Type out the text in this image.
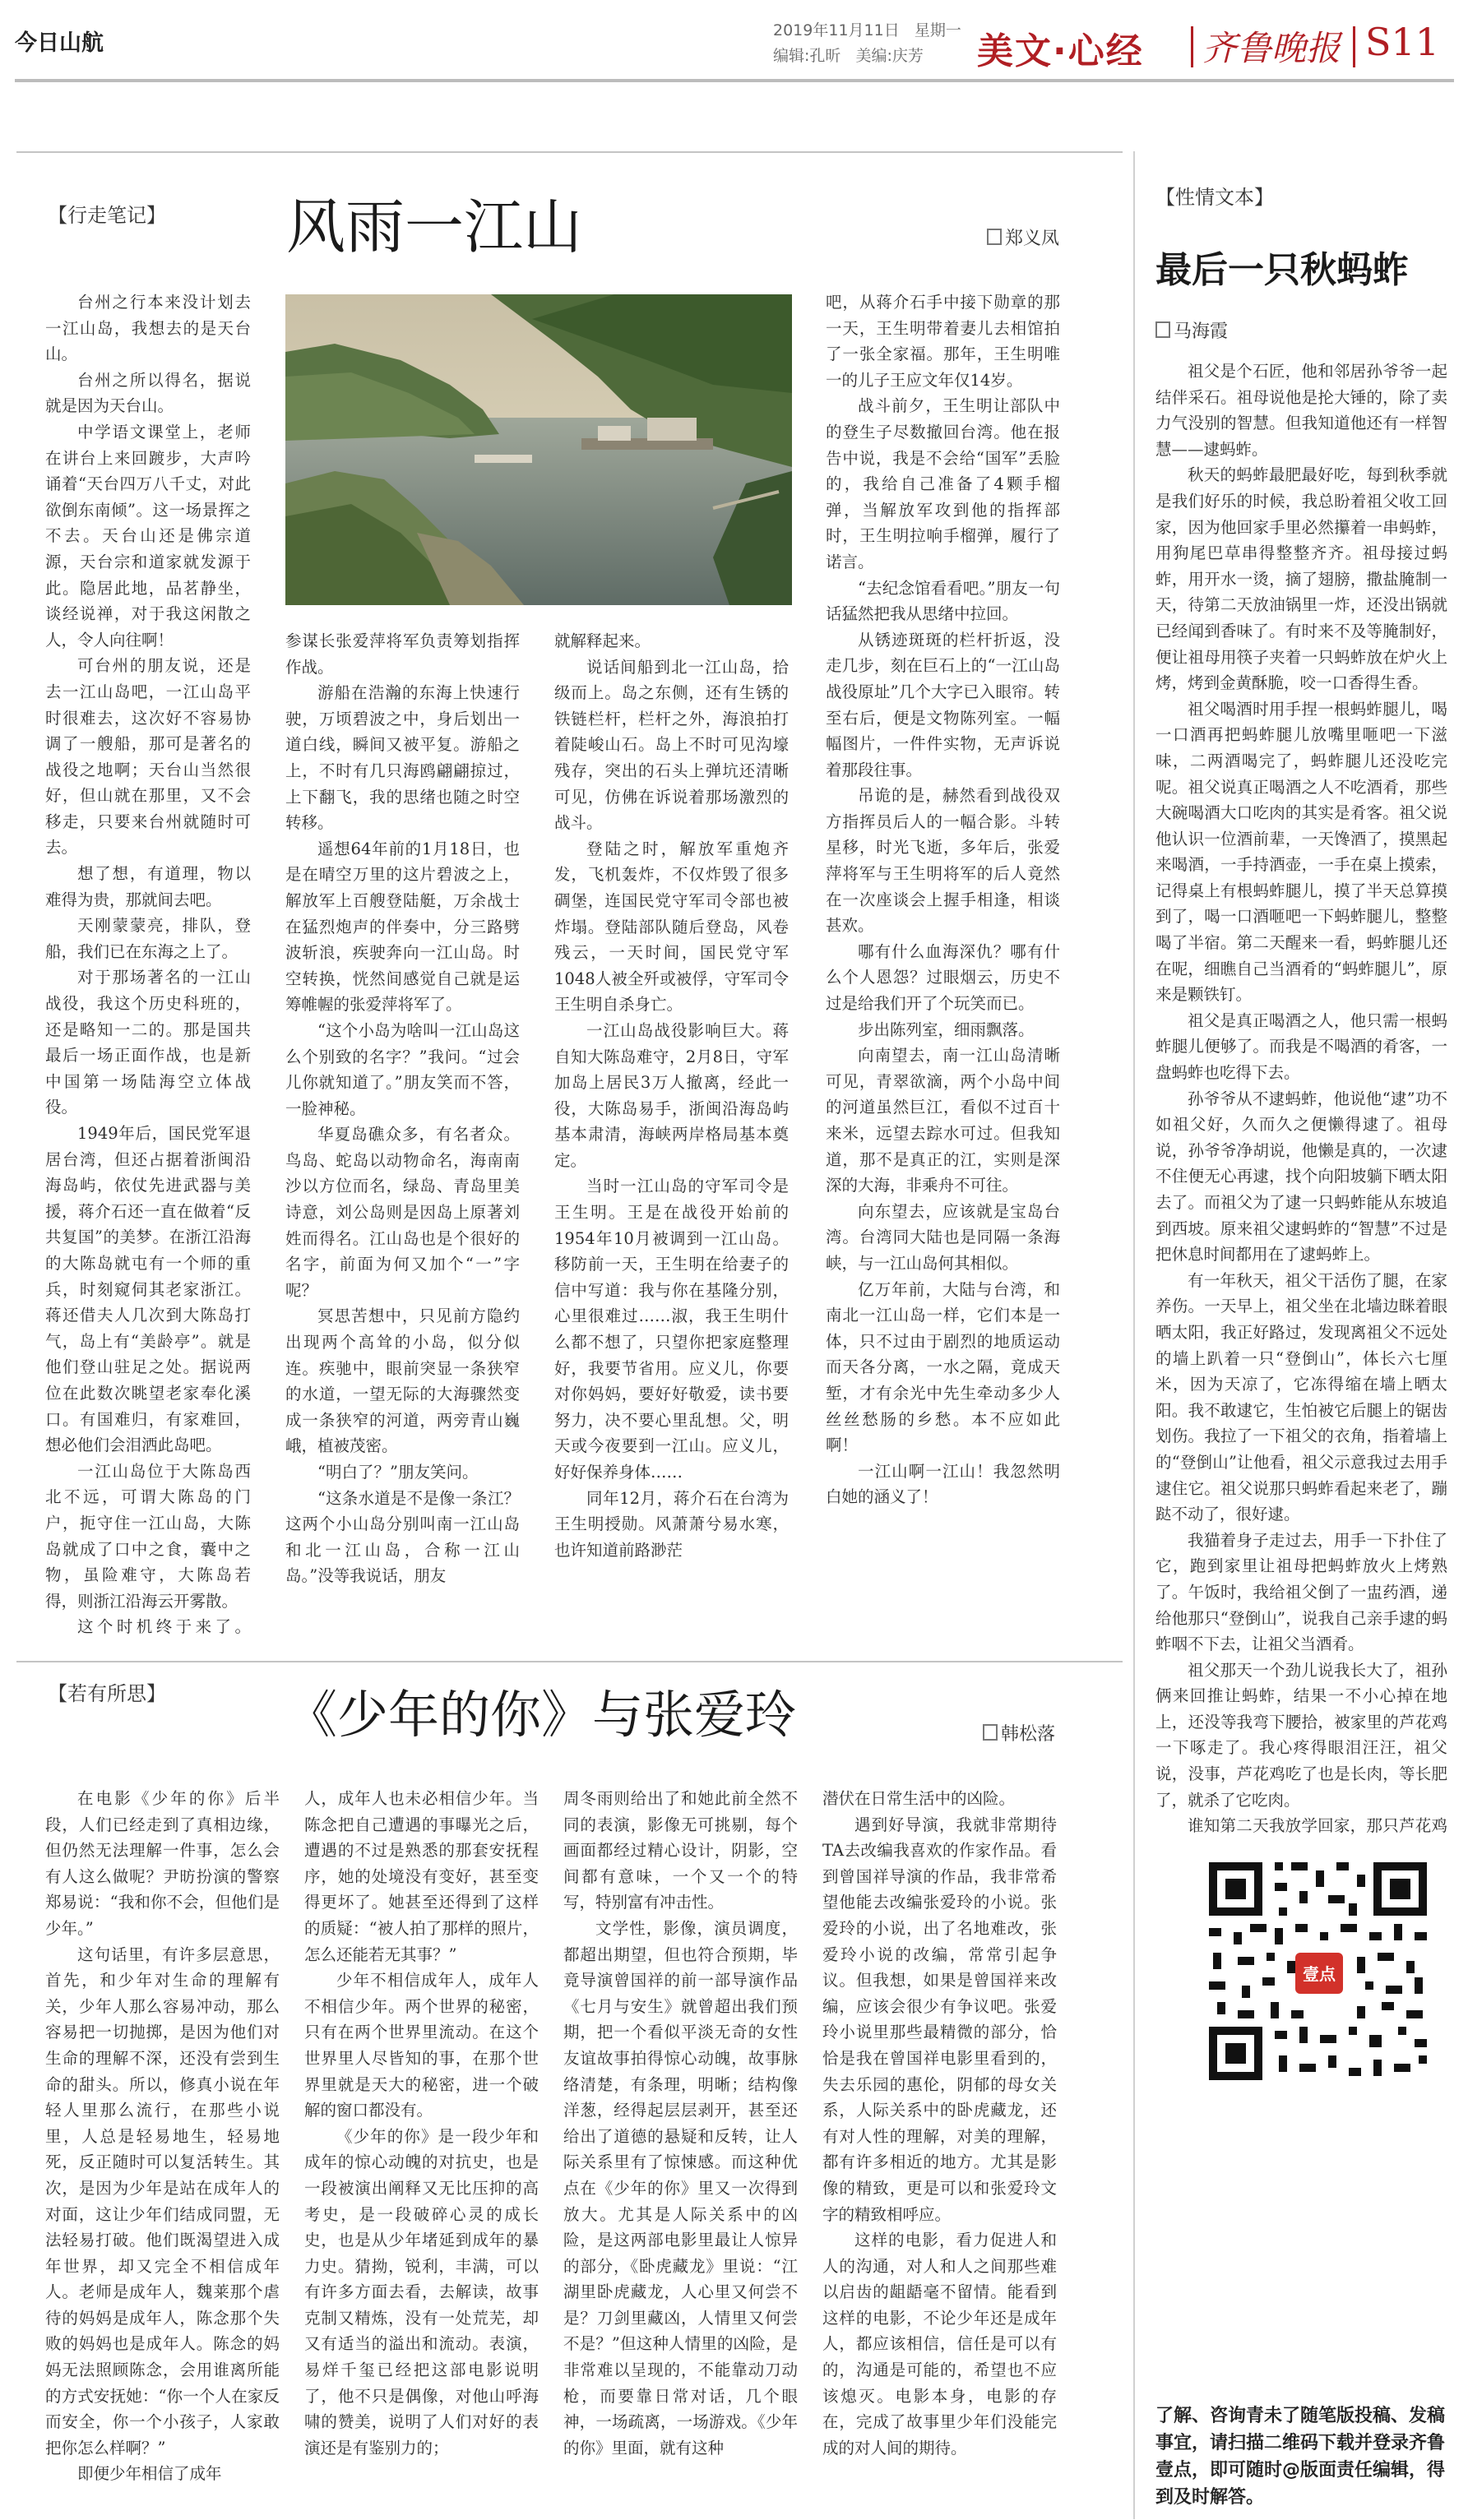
今日山航	2019年11月11日 星期一
编辑:孔昕 美编:庆芳	美文·心经 齐鲁晚报 S11
【行走笔记】 风雨一江山	郑义凤

台州之行本来没计划去一江山岛，我想去的是天台山。

台州之所以得名，据说就是因为天台山。

中学语文课堂上，老师在讲台上来回踱步，大声吟诵着“天台四万八千丈，对此欲倒东南倾”。这一场景挥之不去。天台山还是佛宗道源，天台宗和道家就发源于此。隐居此地，品茗静坐，谈经说禅，对于我这闲散之人，令人向往啊！

可台州的朋友说，还是去一江山岛吧，一江山岛平时很难去，这次好不容易协调了一艘船，那可是著名的战役之地啊；天台山当然很好，但山就在那里，又不会移走，只要来台州就随时可去。

想了想，有道理，物以难得为贵，那就间去吧。

天刚蒙蒙亮，排队，登船，我们已在东海之上了。

对于那场著名的一江山战役，我这个历史科班的，还是略知一二的。那是国共最后一场正面作战，也是新中国第一场陆海空立体战役。

1949年后，国民党军退居台湾，但还占据着浙闽沿海岛屿，依仗先进武器与美援，蒋介石还一直在做着“反共复国”的美梦。在浙江沿海的大陈岛就屯有一个师的重兵，时刻窥伺其老家浙江。蒋还借夫人几次到大陈岛打气，岛上有“美龄亭”。就是他们登山驻足之处。据说两位在此数次眺望老家奉化溪口。有国难归，有家难回，想必他们会泪洒此岛吧。

一江山岛位于大陈岛西北不远，可谓大陈岛的门户，扼守住一江山岛，大陈岛就成了口中之食，囊中之物，虽险难守，大陈岛若得，则浙江沿海云开雾散。

这个时机终于来了。

参谋长张爱萍将军负责筹划指挥作战。

游船在浩瀚的东海上快速行驶，万顷碧波之中，身后划出一道白线，瞬间又被平复。游船之上，不时有几只海鸥翩翩掠过，上下翻飞，我的思绪也随之时空转移。

遥想64年前的1月18日，也是在晴空万里的这片碧波之上，解放军上百艘登陆艇，万余战士在猛烈炮声的伴奏中，分三路劈波斩浪，疾驶奔向一江山岛。时空转换，恍然间感觉自己就是运筹帷幄的张爱萍将军了。

“这个小岛为啥叫一江山岛这么个别致的名字？”我问。“过会儿你就知道了。”朋友笑而不答，一脸神秘。

华夏岛礁众多，有名者众。鸟岛、蛇岛以动物命名，海南南沙以方位而名，绿岛、青岛里美诗意，刘公岛则是因岛上原著刘姓而得名。江山岛也是个很好的名字，前面为何又加个“一”字呢？

冥思苦想中，只见前方隐约出现两个高耸的小岛，似分似连。疾驰中，眼前突显一条狭窄的水道，一望无际的大海骤然变成一条狭窄的河道，两旁青山巍峨，植被茂密。

“明白了？”朋友笑问。

“这条水道是不是像一条江？这两个小山岛分别叫南一江山岛和北一江山岛，合称一江山岛。”没等我说话，朋友

就解释起来。

说话间船到北一江山岛，拾级而上。岛之东侧，还有生锈的铁链栏杆，栏杆之外，海浪拍打着陡峻山石。岛上不时可见沟壕残存，突出的石头上弹坑还清晰可见，仿佛在诉说着那场激烈的战斗。

登陆之时，解放军重炮齐发，飞机轰炸，不仅炸毁了很多碉堡，连国民党守军司令部也被炸塌。登陆部队随后登岛，风卷残云，一天时间，国民党守军1048人被全歼或被俘，守军司令王生明自杀身亡。

一江山岛战役影响巨大。蒋自知大陈岛难守，2月8日，守军加岛上居民3万人撤离，经此一役，大陈岛易手，浙闽沿海岛屿基本肃清，海峡两岸格局基本奠定。

当时一江山岛的守军司令是王生明。王是在战役开始前的1954年10月被调到一江山岛。移防前一天，王生明在给妻子的信中写道：我与你在基隆分别，心里很难过……淑，我王生明什么都不想了，只望你把家庭整理好，我要节省用。应义儿，你要对你妈妈，要好好敬爱，读书要努力，决不要心里乱想。父，明天或今夜要到一江山。应义儿，好好保养身体……

同年12月，蒋介石在台湾为王生明授勋。风萧萧兮易水寒，也许知道前路渺茫

吧，从蒋介石手中接下勋章的那一天，王生明带着妻儿去相馆拍了一张全家福。那年，王生明唯一的儿子王应文年仅14岁。

战斗前夕，王生明让部队中的登生子尽数撤回台湾。他在报告中说，我是不会给“国军”丢脸的，我给自己准备了4颗手榴弹，当解放军攻到他的指挥部时，王生明拉响手榴弹，履行了诺言。

“去纪念馆看看吧。”朋友一句话猛然把我从思绪中拉回。

从锈迹斑斑的栏杆折返，没走几步，刻在巨石上的“一江山岛战役原址”几个大字已入眼帘。转至右后，便是文物陈列室。一幅幅图片，一件件实物，无声诉说着那段往事。

吊诡的是，赫然看到战役双方指挥员后人的一幅合影。斗转星移，时光飞逝，多年后，张爱萍将军与王生明将军的后人竟然在一次座谈会上握手相逢，相谈甚欢。

哪有什么血海深仇？哪有什么个人恩怨？过眼烟云，历史不过是给我们开了个玩笑而已。

步出陈列室，细雨飘落。

向南望去，南一江山岛清晰可见，青翠欲滴，两个小岛中间的河道虽然巨江，看似不过百十来米，远望去踪水可过。但我知道，那不是真正的江，实则是深深的大海，非乘舟不可往。

向东望去，应该就是宝岛台湾。台湾同大陆也是同隔一条海峡，与一江山岛何其相似。

亿万年前，大陆与台湾，和南北一江山岛一样，它们本是一体，只不过由于剧烈的地质运动而天各分离，一水之隔，竟成天堑，才有余光中先生牵动多少人丝丝愁肠的乡愁。本不应如此啊！

一江山啊一江山！我忽然明白她的涵义了！

【性情文本】
最后一只秋蚂蚱
马海霞

祖父是个石匠，他和邻居孙爷爷一起结伴采石。祖母说他是抡大锤的，除了卖力气没别的智慧。但我知道他还有一样智慧——逮蚂蚱。

秋天的蚂蚱最肥最好吃，每到秋季就是我们好乐的时候，我总盼着祖父收工回家，因为他回家手里必然攥着一串蚂蚱，用狗尾巴草串得整整齐齐。祖母接过蚂蚱，用开水一烫，摘了翅膀，撒盐腌制一天，待第二天放油锅里一炸，还没出锅就已经闻到香味了。有时来不及等腌制好，便让祖母用筷子夹着一只蚂蚱放在炉火上烤，烤到金黄酥脆，咬一口香得生香。

祖父喝酒时用手捏一根蚂蚱腿儿，喝一口酒再把蚂蚱腿儿放嘴里咂吧一下滋味，二两酒喝完了，蚂蚱腿儿还没吃完呢。祖父说真正喝酒之人不吃酒肴，那些大碗喝酒大口吃肉的其实是肴客。祖父说他认识一位酒前辈，一天馋酒了，摸黑起来喝酒，一手持酒壶，一手在桌上摸索，记得桌上有根蚂蚱腿儿，摸了半天总算摸到了，喝一口酒咂吧一下蚂蚱腿儿，整整喝了半宿。第二天醒来一看，蚂蚱腿儿还在呢，细瞧自己当酒肴的“蚂蚱腿儿”，原来是颗铁钉。

祖父是真正喝酒之人，他只需一根蚂蚱腿儿便够了。而我是不喝酒的肴客，一盘蚂蚱也吃得下去。

孙爷爷从不逮蚂蚱，他说他“逮”功不如祖父好，久而久之便懒得逮了。祖母说，孙爷爷净胡说，他懒是真的，一次逮不住便无心再逮，找个向阳坡躺下晒太阳去了。而祖父为了逮一只蚂蚱能从东坡追到西坡。原来祖父逮蚂蚱的“智慧”不过是把休息时间都用在了逮蚂蚱上。

有一年秋天，祖父干活伤了腿，在家养伤。一天早上，祖父坐在北墙边眯着眼晒太阳，我正好路过，发现离祖父不远处的墙上趴着一只“登倒山”，体长六七厘米，因为天凉了，它冻得缩在墙上晒太阳。我不敢逮它，生怕被它后腿上的锯齿划伤。我拉了一下祖父的衣角，指着墙上的“登倒山”让他看，祖父示意我过去用手逮住它。祖父说那只蚂蚱看起来老了，蹦跶不动了，很好逮。

我猫着身子走过去，用手一下扑住了它，跑到家里让祖母把蚂蚱放火上烤熟了。午饭时，我给祖父倒了一盅药酒，递给他那只“登倒山”，说我自己亲手逮的蚂蚱咽不下去，让祖父当酒肴。

祖父那天一个劲儿说我长大了，祖孙俩来回推让蚂蚱，结果一不小心掉在地上，还没等我弯下腰拾，被家里的芦花鸡一下啄走了。我心疼得眼泪汪汪，祖父说，没事，芦花鸡吃了也是长肉，等长肥了，就杀了它吃肉。

谁知第二天我放学回家，那只芦花鸡

壹点
了解、咨询青未了随笔版投稿、发稿事宜，请扫描二维码下载并登录齐鲁壹点，即可随时@版面责任编辑，得到及时解答。
【若有所思】 《少年的你》与张爱玲	韩松落

在电影《少年的你》后半段，人们已经走到了真相边缘，但仍然无法理解一件事，怎么会有人这么做呢？尹昉扮演的警察郑易说：“我和你不会，但他们是少年。”

这句话里，有许多层意思，首先，和少年对生命的理解有关，少年人那么容易冲动，那么容易把一切抛掷，是因为他们对生命的理解不深，还没有尝到生命的甜头。所以，修真小说在年轻人里那么流行，在那些小说里，人总是轻易地生，轻易地死，反正随时可以复活转生。其次，是因为少年是站在成年人的对面，这让少年们结成同盟，无法轻易打破。他们既渴望进入成年世界，却又完全不相信成年人。老师是成年人，魏莱那个虐待的妈妈是成年人，陈念那个失败的妈妈也是成年人。陈念的妈妈无法照顾陈念，会用谁离所能的方式安抚她：“你一个人在家反而安全，你一个小孩子，人家敢把你怎么样啊？”

即便少年相信了成年

人，成年人也未必相信少年。当陈念把自己遭遇的事曝光之后，遭遇的不过是熟悉的那套安抚程序，她的处境没有变好，甚至变得更坏了。她甚至还得到了这样的质疑：“被人拍了那样的照片，怎么还能若无其事？”

少年不相信成年人，成年人不相信少年。两个世界的秘密，只有在两个世界里流动。在这个世界里人尽皆知的事，在那个世界里就是天大的秘密，进一个破解的窗口都没有。

《少年的你》是一段少年和成年的惊心动魄的对抗史，也是一段被演出阐释又无比压抑的高考史，是一段破碎心灵的成长史，也是从少年堵延到成年的暴力史。猜拗，锐利，丰满，可以有许多方面去看，去解读，故事克制又精炼，没有一处荒芜，却又有适当的溢出和流动。表演，易烊千玺已经把这部电影说明了，他不只是偶像，对他山呼海啸的赞美，说明了人们对好的表演还是有鉴别力的；

周冬雨则给出了和她此前全然不同的表演，影像无可挑剔，每个画面都经过精心设计，阴影，空间都有意味，一个又一个的特写，特别富有冲击性。

文学性，影像，演员调度，都超出期望，但也符合预期，毕竟导演曾国祥的前一部导演作品《七月与安生》就曾超出我们预期，把一个看似平淡无奇的女性友谊故事拍得惊心动魄，故事脉络清楚，有条理，明晰；结构像洋葱，经得起层层剥开，甚至还给出了道德的悬疑和反转，让人际关系里有了惊悚感。而这种优点在《少年的你》里又一次得到放大。尤其是人际关系中的凶险，是这两部电影里最让人惊异的部分，《卧虎藏龙》里说：“江湖里卧虎藏龙，人心里又何尝不是？刀剑里藏凶，人情里又何尝不是？”但这种人情里的凶险，是非常难以呈现的，不能靠动刀动枪，而要靠日常对话，几个眼神，一场疏离，一场游戏。《少年的你》里面，就有这种

潜伏在日常生活中的凶险。

遇到好导演，我就非常期待TA去改编我喜欢的作家作品。看到曾国祥导演的作品，我非常希望他能去改编张爱玲的小说。张爱玲的小说，出了名地难改，张爱玲小说的改编，常常引起争议。但我想，如果是曾国祥来改编，应该会很少有争议吧。张爱玲小说里那些最精微的部分，恰恰是我在曾国祥电影里看到的，失去乐园的惠伦，阴郁的母女关系，人际关系中的卧虎藏龙，还有对人性的理解，对美的理解，都有许多相近的地方。尤其是影像的精致，更是可以和张爱玲文字的精致相呼应。

这样的电影，看力促进人和人的沟通，对人和人之间那些难以启齿的龃龉毫不留情。能看到这样的电影，不论少年还是成年人，都应该相信，信任是可以有的，沟通是可能的，希望也不应该熄灭。电影本身，电影的存在，完成了故事里少年们没能完成的对人间的期待。
